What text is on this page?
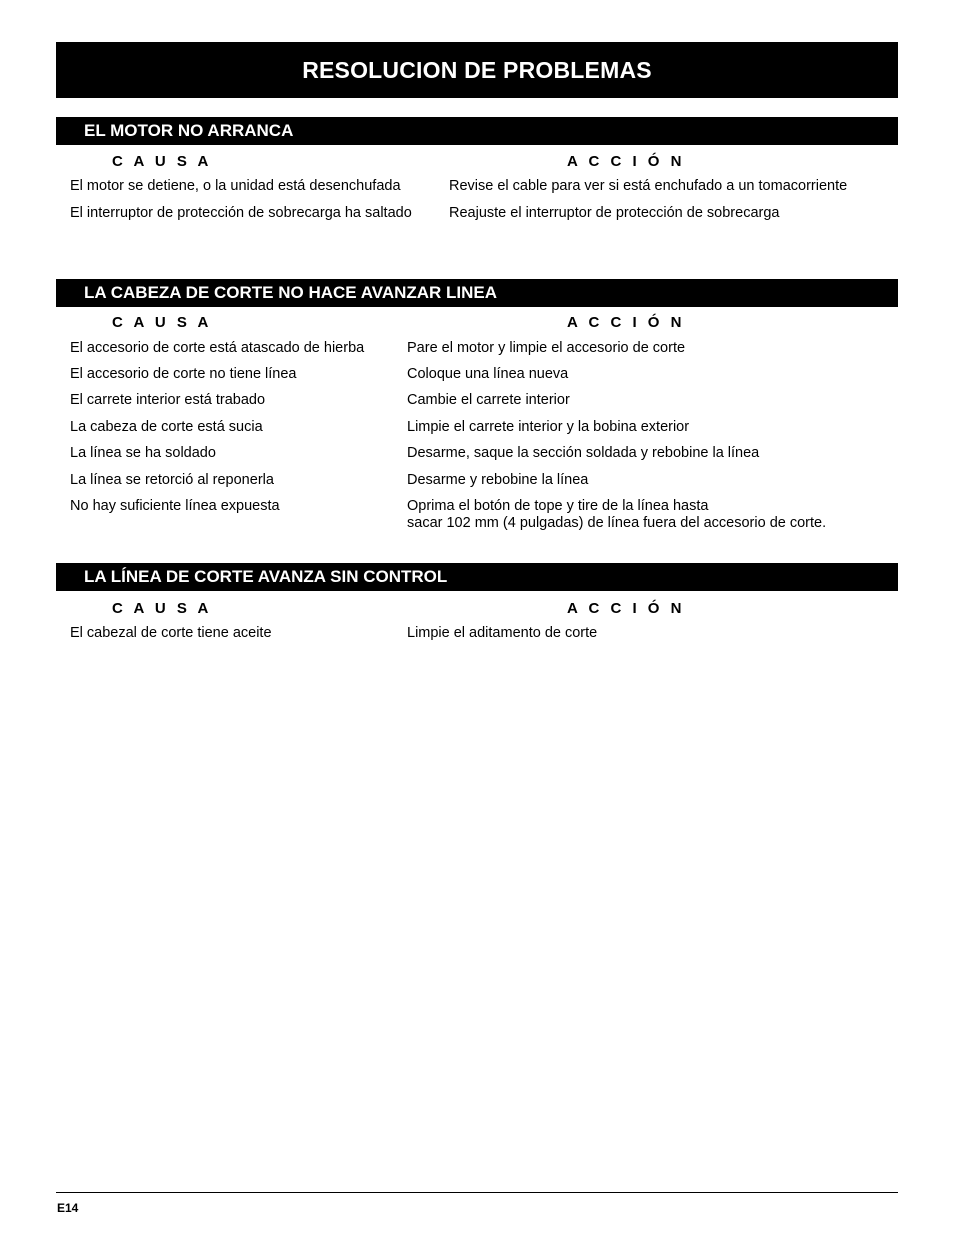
RESOLUCION DE PROBLEMAS
EL MOTOR NO ARRANCA
C A U S A	A C C I Ó N
El motor se detiene, o la unidad está desenchufada	Revise el cable para ver si está enchufado a un tomacorriente
El interruptor de protección de sobrecarga ha saltado	Reajuste el interruptor de protección de sobrecarga
LA CABEZA DE CORTE NO HACE AVANZAR LINEA
C A U S A	A C C I Ó N
El accesorio de corte está atascado de hierba	Pare el motor y limpie el accesorio de corte
El accesorio de corte no tiene línea	Coloque una línea nueva
El carrete interior está trabado	Cambie el carrete interior
La cabeza de corte está sucia	Limpie el carrete interior y la bobina exterior
La línea se ha soldado	Desarme, saque la sección soldada y rebobine la línea
La línea se retorció al reponerla	Desarme y rebobine la línea
No hay suficiente línea expuesta	Oprima el botón de tope y tire de la línea hasta
sacar 102 mm (4 pulgadas) de línea fuera del accesorio de corte.
LA LÍNEA DE CORTE AVANZA SIN CONTROL
C A U S A	A C C I Ó N
El cabezal de corte tiene aceite	Limpie el aditamento de corte
E14
